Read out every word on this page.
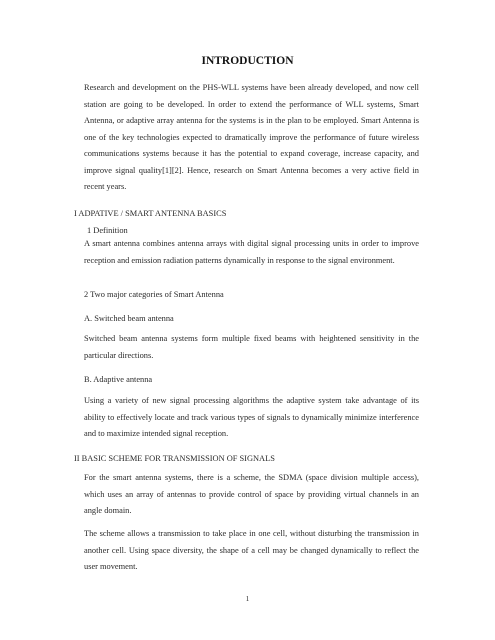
INTRODUCTION

Research and development on the PHS-WLL systems have been already developed, and now cell station are going to be developed. In order to extend the performance of WLL systems, Smart Antenna, or adaptive array antenna for the systems is in the plan to be employed. Smart Antenna is one of the key technologies expected to dramatically improve the performance of future wireless communications systems because it has the potential to expand coverage, increase capacity, and improve signal quality[1][2]. Hence, research on Smart Antenna becomes a very active field in recent years.

I ADPATIVE / SMART ANTENNA BASICS
1 Definition

A smart antenna combines antenna arrays with digital signal processing units in order to improve reception and emission radiation patterns dynamically in response to the signal environment.

2 Two major categories of Smart Antenna
A. Switched beam antenna

Switched beam antenna systems form multiple fixed beams with heightened sensitivity in the particular directions.

B. Adaptive antenna

Using a variety of new signal processing algorithms the adaptive system take advantage of its ability to effectively locate and track various types of signals to dynamically minimize interference and to maximize intended signal reception.

II BASIC SCHEME FOR TRANSMISSION OF SIGNALS

For the smart antenna systems, there is a scheme, the SDMA (space division multiple access), which uses an array of antennas to provide control of space by providing virtual channels in an angle domain.

The scheme allows a transmission to take place in one cell, without disturbing the transmission in another cell. Using space diversity, the shape of a cell may be changed dynamically to reflect the user movement.

1
